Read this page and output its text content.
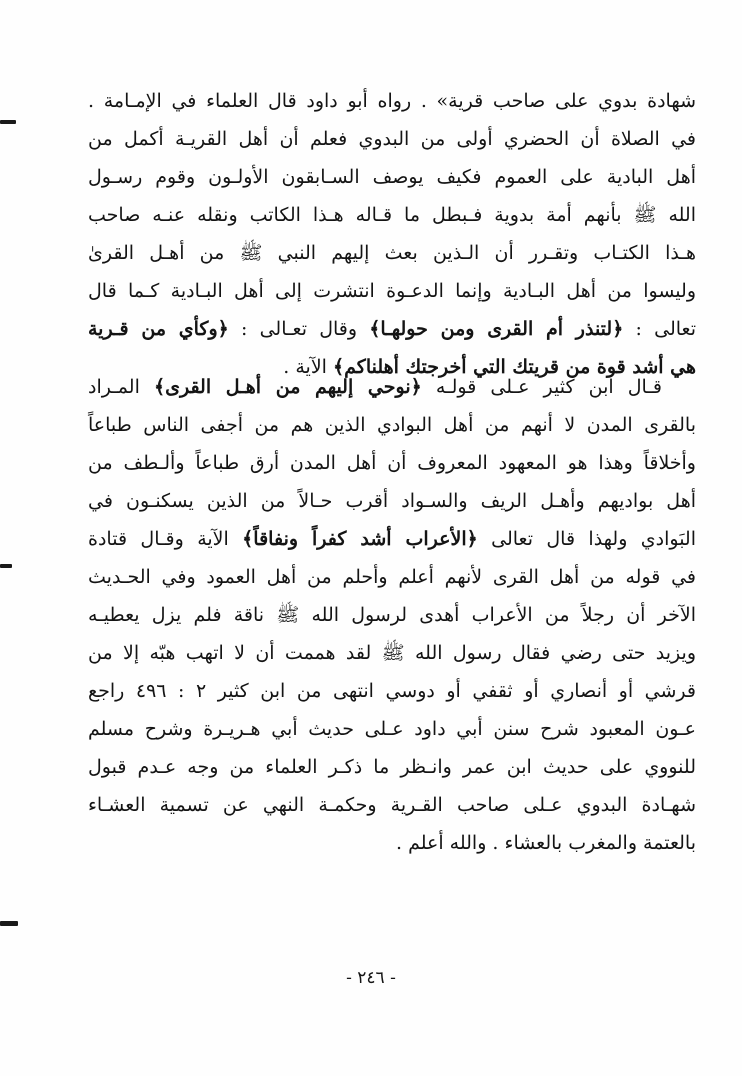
شهادة بدوي على صاحب قرية» . رواه أبو داود قال العلماء في الإمـامة .
في الصلاة أن الحضري أولى من البدوي فعلم أن أهل القريـة أكمل من
أهل البادية على العموم فكيف يوصف السـابقون الأولـون وقوم رسـول
الله ﷺ بأنهم أمة بدوية فـبطل ما قـاله هـذا الكاتب ونقله عنـه صاحب
هـذا الكتـاب وتقـرر أن الـذين بعث إليهم النبي ﷺ من أهـل القرىٰ
وليسوا من أهل البـادية وإنما الدعـوة انتشرت إلى أهل البـادية كـما قال
تعالى : ﴿لتنذر أم القرى ومن حولهـا﴾ وقال تعـالى : ﴿وكأي من قـرية
هي أشد قوة من قريتك التي أخرجتك أهلناكم﴾ الآية .
قـال ابن كثير عـلى قولـه ﴿نوحي إليهم من أهـل القرى﴾ المـراد
بالقرى المدن لا أنهم من أهل البوادي الذين هم من أجفى الناس طباعاً
وأخلاقاً وهذا هو المعهود المعروف أن أهل المدن أرق طباعاً وألـطف من
أهل بواديهم وأهـل الريف والسـواد أقرب حـالاً من الذين يسكنـون في
البَوادي ولهذا قال تعالى ﴿الأعراب أشد كفراً ونفاقاً﴾ الآية وقـال قتادة
في قوله من أهل القرى لأنهم أعلم وأحلم من أهل العمود وفي الحـديث
الآخر أن رجلاً من الأعراب أهدى لرسول الله ﷺ ناقة فلم يزل يعطيـه
ويزيد حتى رضي فقال رسول الله ﷺ لقد هممت أن لا اتهب هبّه إلا من
قرشي أو أنصاري أو ثقفي أو دوسي انتهى من ابن كثير ٢ : ٤٩٦ راجع
عـون المعبود شرح سنن أبي داود عـلى حديث أبي هـريـرة وشرح مسلم
للنووي على حديث ابن عمر وانـظر ما ذكـر العلماء من وجه عـدم قبول
شهـادة البدوي عـلى صاحب القـرية وحكمـة النهي عن تسمية العشـاء
بالعتمة والمغرب بالعشاء . والله أعلم .
- ٢٤٦ -
